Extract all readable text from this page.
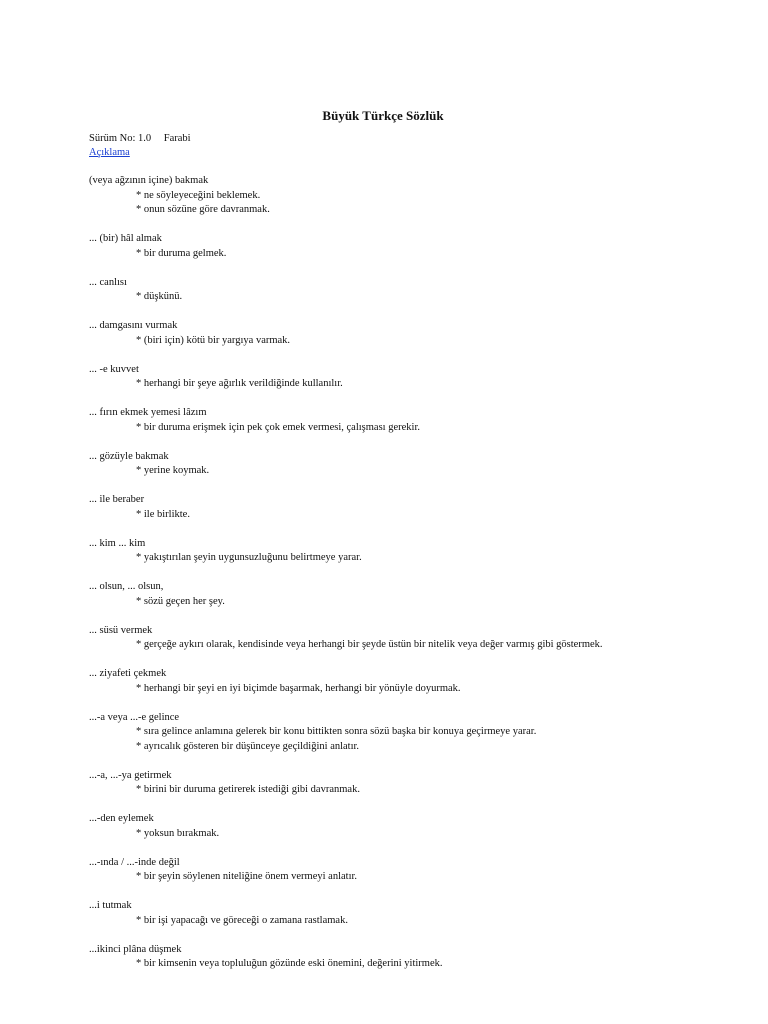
Büyük Türkçe Sözlük
Sürüm No: 1.0 Farabi
Açıklama
(veya ağzının içine) bakmak
* ne söyleyeceğini beklemek.
* onun sözüne göre davranmak.
... (bir) hâl almak
* bir duruma gelmek.
... canlısı
* düşkünü.
... damgasını vurmak
* (biri için) kötü bir yargıya varmak.
... -e kuvvet
* herhangi bir şeye ağırlık verildiğinde kullanılır.
... fırın ekmek yemesi lâzım
* bir duruma erişmek için pek çok emek vermesi, çalışması gerekir.
... gözüyle bakmak
* yerine koymak.
... ile beraber
* ile birlikte.
... kim ... kim
* yakıştırılan şeyin uygunsuzluğunu belirtmeye yarar.
... olsun, ... olsun,
* sözü geçen her şey.
... süsü vermek
* gerçeğe aykırı olarak, kendisinde veya herhangi bir şeyde üstün bir nitelik veya değer varmış gibi göstermek.
... ziyafeti çekmek
* herhangi bir şeyi en iyi biçimde başarmak, herhangi bir yönüyle doyurmak.
...-a veya ...-e gelince
* sıra gelince anlamına gelerek bir konu bittikten sonra sözü başka bir konuya geçirmeye yarar.
* ayrıcalık gösteren bir düşünceye geçildiğini anlatır.
...-a, ...-ya getirmek
* birini bir duruma getirerek istediği gibi davranmak.
...-den eylemek
* yoksun bırakmak.
...-ında / ...-inde değil
* bir şeyin söylenen niteliğine önem vermeyi anlatır.
...i tutmak
* bir işi yapacağı ve göreceği o zamana rastlamak.
...ikinci plâna düşmek
* bir kimsenin veya topluluğun gözünde eski önemini, değerini yitirmek.
